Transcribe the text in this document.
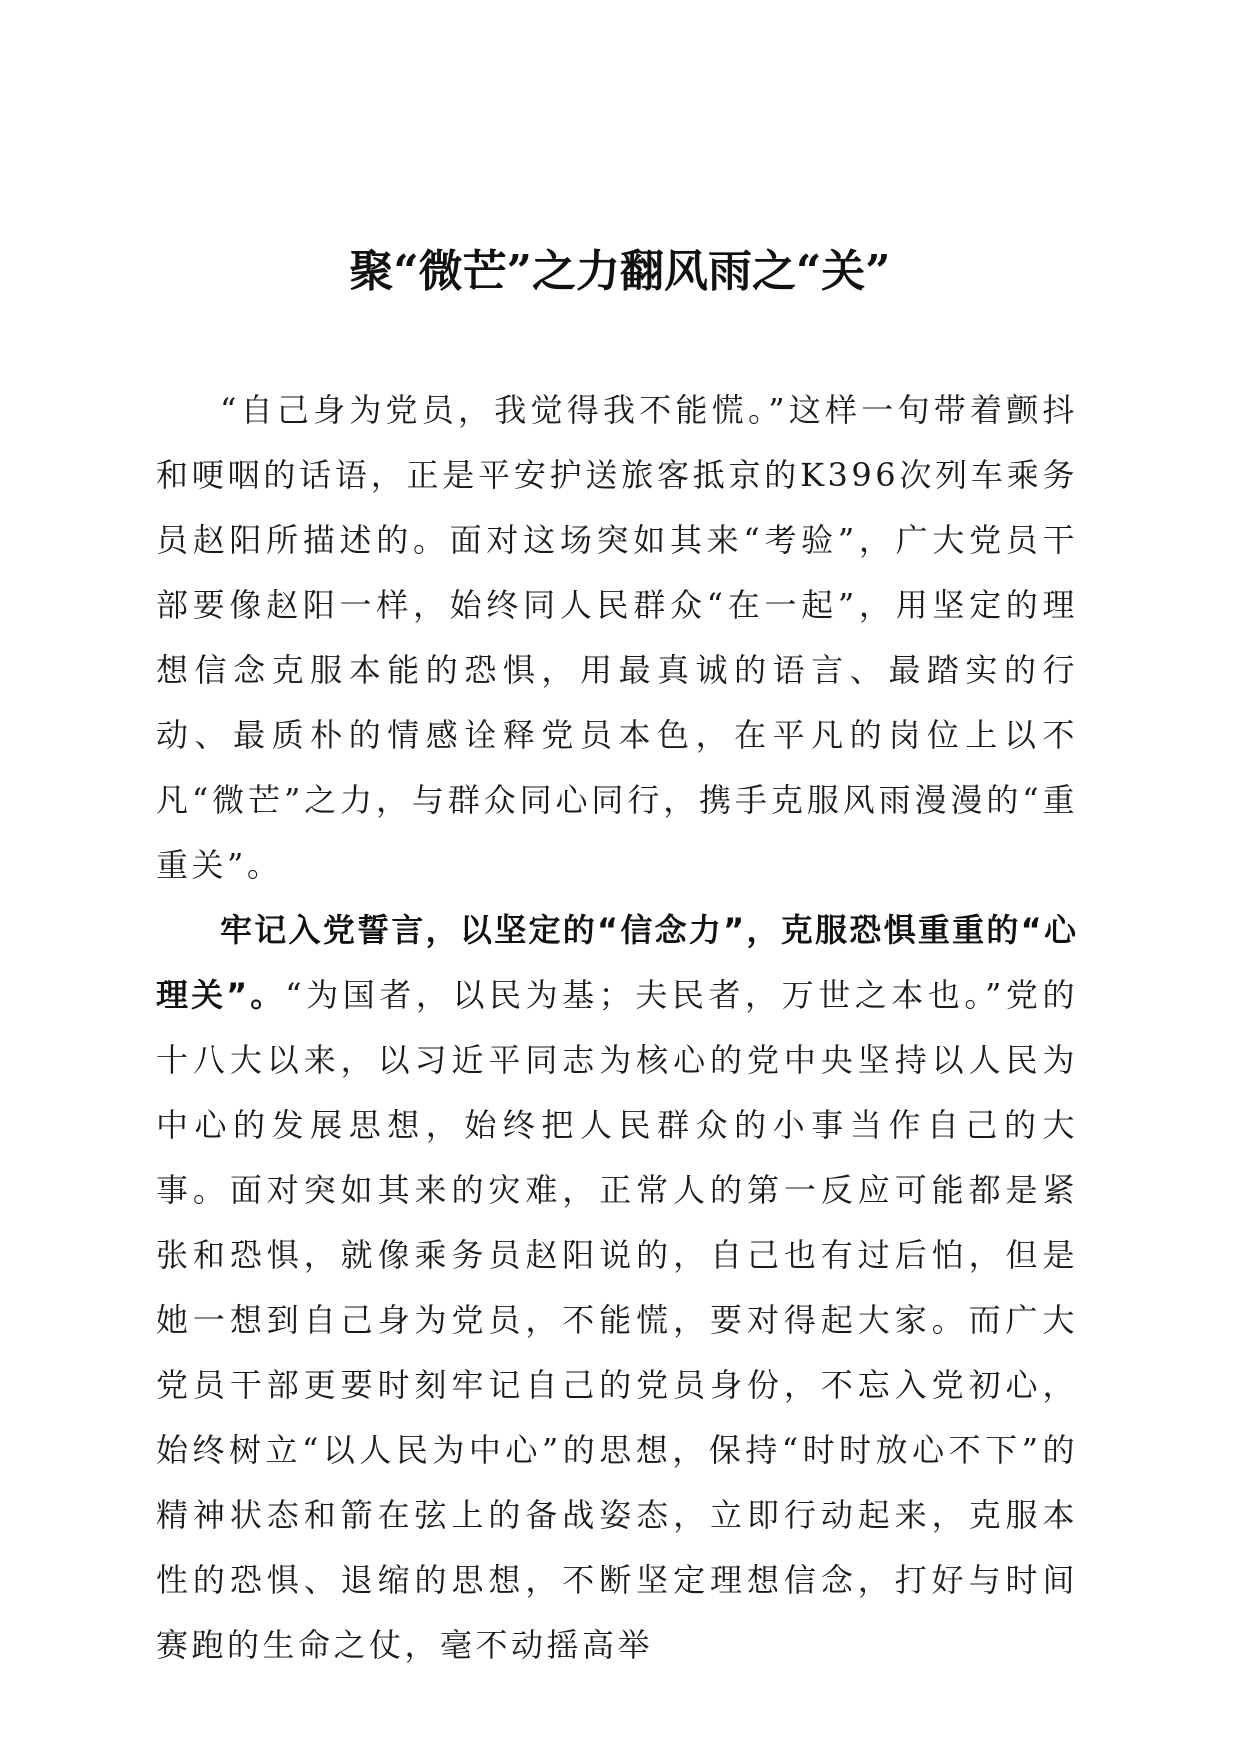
聚“微芒”之力翻风雨之“关”

“自己身为党员，我觉得我不能慌。”这样一句带着颤抖和哽咽的话语，正是平安护送旅客抵京的K396次列车乘务员赵阳所描述的。面对这场突如其来“考验”，广大党员干部要像赵阳一样，始终同人民群众“在一起”，用坚定的理想信念克服本能的恐惧，用最真诚的语言、最踏实的行动、最质朴的情感诠释党员本色，在平凡的岗位上以不凡“微芒”之力，与群众同心同行，携手克服风雨漫漫的“重重关”。

牢记入党誓言，以坚定的“信念力”，克服恐惧重重的“心理关”。“为国者，以民为基；夫民者，万世之本也。”党的十八大以来，以习近平同志为核心的党中央坚持以人民为中心的发展思想，始终把人民群众的小事当作自己的大事。面对突如其来的灾难，正常人的第一反应可能都是紧张和恐惧，就像乘务员赵阳说的，自己也有过后怕，但是她一想到自己身为党员，不能慌，要对得起大家。而广大党员干部更要时刻牢记自己的党员身份，不忘入党初心，始终树立“以人民为中心”的思想，保持“时时放心不下”的精神状态和箭在弦上的备战姿态，立即行动起来，克服本性的恐惧、退缩的思想，不断坚定理想信念，打好与时间赛跑的生命之仗，毫不动摇高举
